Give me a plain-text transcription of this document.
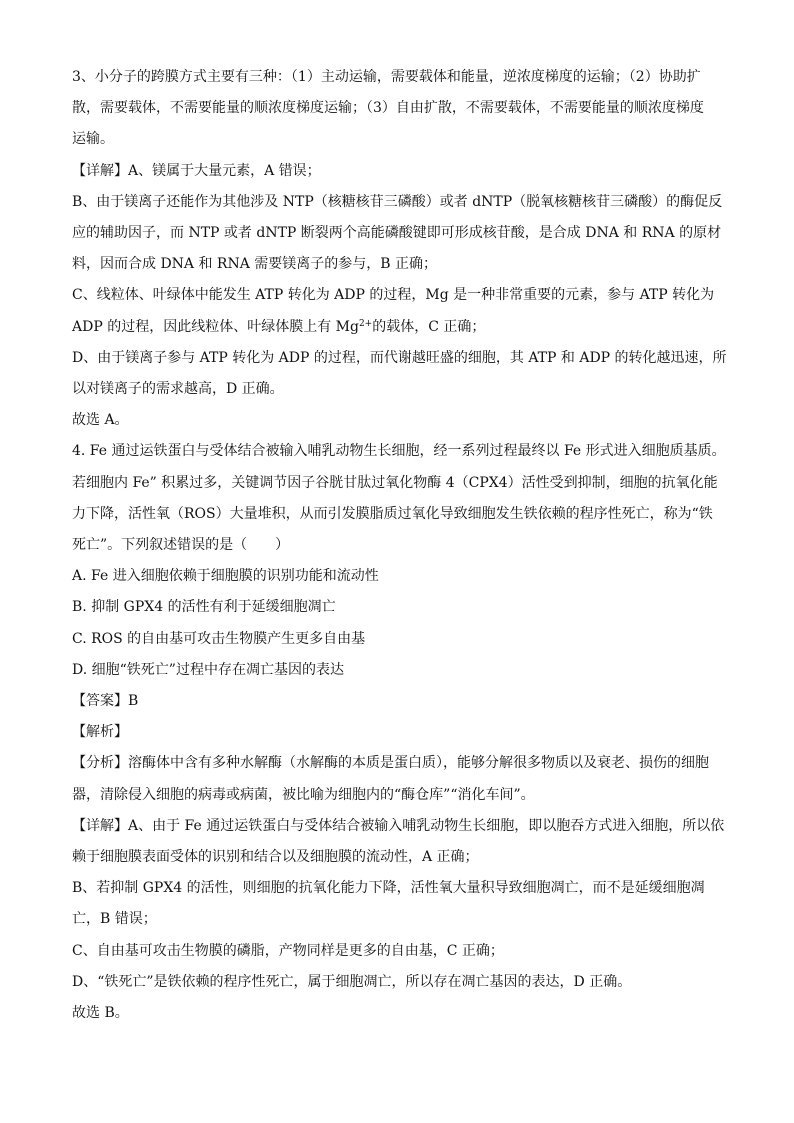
3、小分子的跨膜方式主要有三种：（1）主动运输，需要载体和能量，逆浓度梯度的运输；（2）协助扩
散，需要载体，不需要能量的顺浓度梯度运输；（3）自由扩散，不需要载体，不需要能量的顺浓度梯度
运输。
【详解】A、镁属于大量元素，A 错误；
B、由于镁离子还能作为其他涉及 NTP（核糖核苷三磷酸）或者 dNTP（脱氧核糖核苷三磷酸）的酶促反
应的辅助因子，而 NTP 或者 dNTP 断裂两个高能磷酸键即可形成核苷酸，是合成 DNA 和 RNA 的原材
料，因而合成 DNA 和 RNA 需要镁离子的参与，B 正确；
C、线粒体、叶绿体中能发生 ATP 转化为 ADP 的过程，Mg 是一种非常重要的元素，参与 ATP 转化为
ADP 的过程，因此线粒体、叶绿体膜上有 $Mg^{2+}$的载体，C 正确；
D、由于镁离子参与 ATP 转化为 ADP 的过程，而代谢越旺盛的细胞，其 ATP 和 ADP 的转化越迅速，所
以对镁离子的需求越高，D 正确。
故选 A。
4. Fe 通过运铁蛋白与受体结合被输入哺乳动物生长细胞，经一系列过程最终以 Fe 形式进入细胞质基质。
若细胞内 Fe” 积累过多，关键调节因子谷胱甘肽过氧化物酶 4（CPX4）活性受到抑制，细胞的抗氧化能
力下降，活性氧（ROS）大量堆积，从而引发膜脂质过氧化导致细胞发生铁依赖的程序性死亡，称为“铁
死亡”。下列叙述错误的是（　　）
A. Fe 进入细胞依赖于细胞膜的识别功能和流动性
B. 抑制 GPX4 的活性有利于延缓细胞凋亡
C. ROS 的自由基可攻击生物膜产生更多自由基
D. 细胞“铁死亡”过程中存在凋亡基因的表达
【答案】B
【解析】
【分析】溶酶体中含有多种水解酶（水解酶的本质是蛋白质），能够分解很多物质以及衰老、损伤的细胞
器，清除侵入细胞的病毒或病菌，被比喻为细胞内的“酶仓库”“消化车间”。
【详解】A、由于 Fe 通过运铁蛋白与受体结合被输入哺乳动物生长细胞，即以胞吞方式进入细胞，所以依
赖于细胞膜表面受体的识别和结合以及细胞膜的流动性，A 正确；
B、若抑制 GPX4 的活性，则细胞的抗氧化能力下降，活性氧大量积导致细胞凋亡，而不是延缓细胞凋
亡，B 错误；
C、自由基可攻击生物膜的磷脂，产物同样是更多的自由基，C 正确；
D、“铁死亡”是铁依赖的程序性死亡，属于细胞凋亡，所以存在凋亡基因的表达，D 正确。
故选 B。
